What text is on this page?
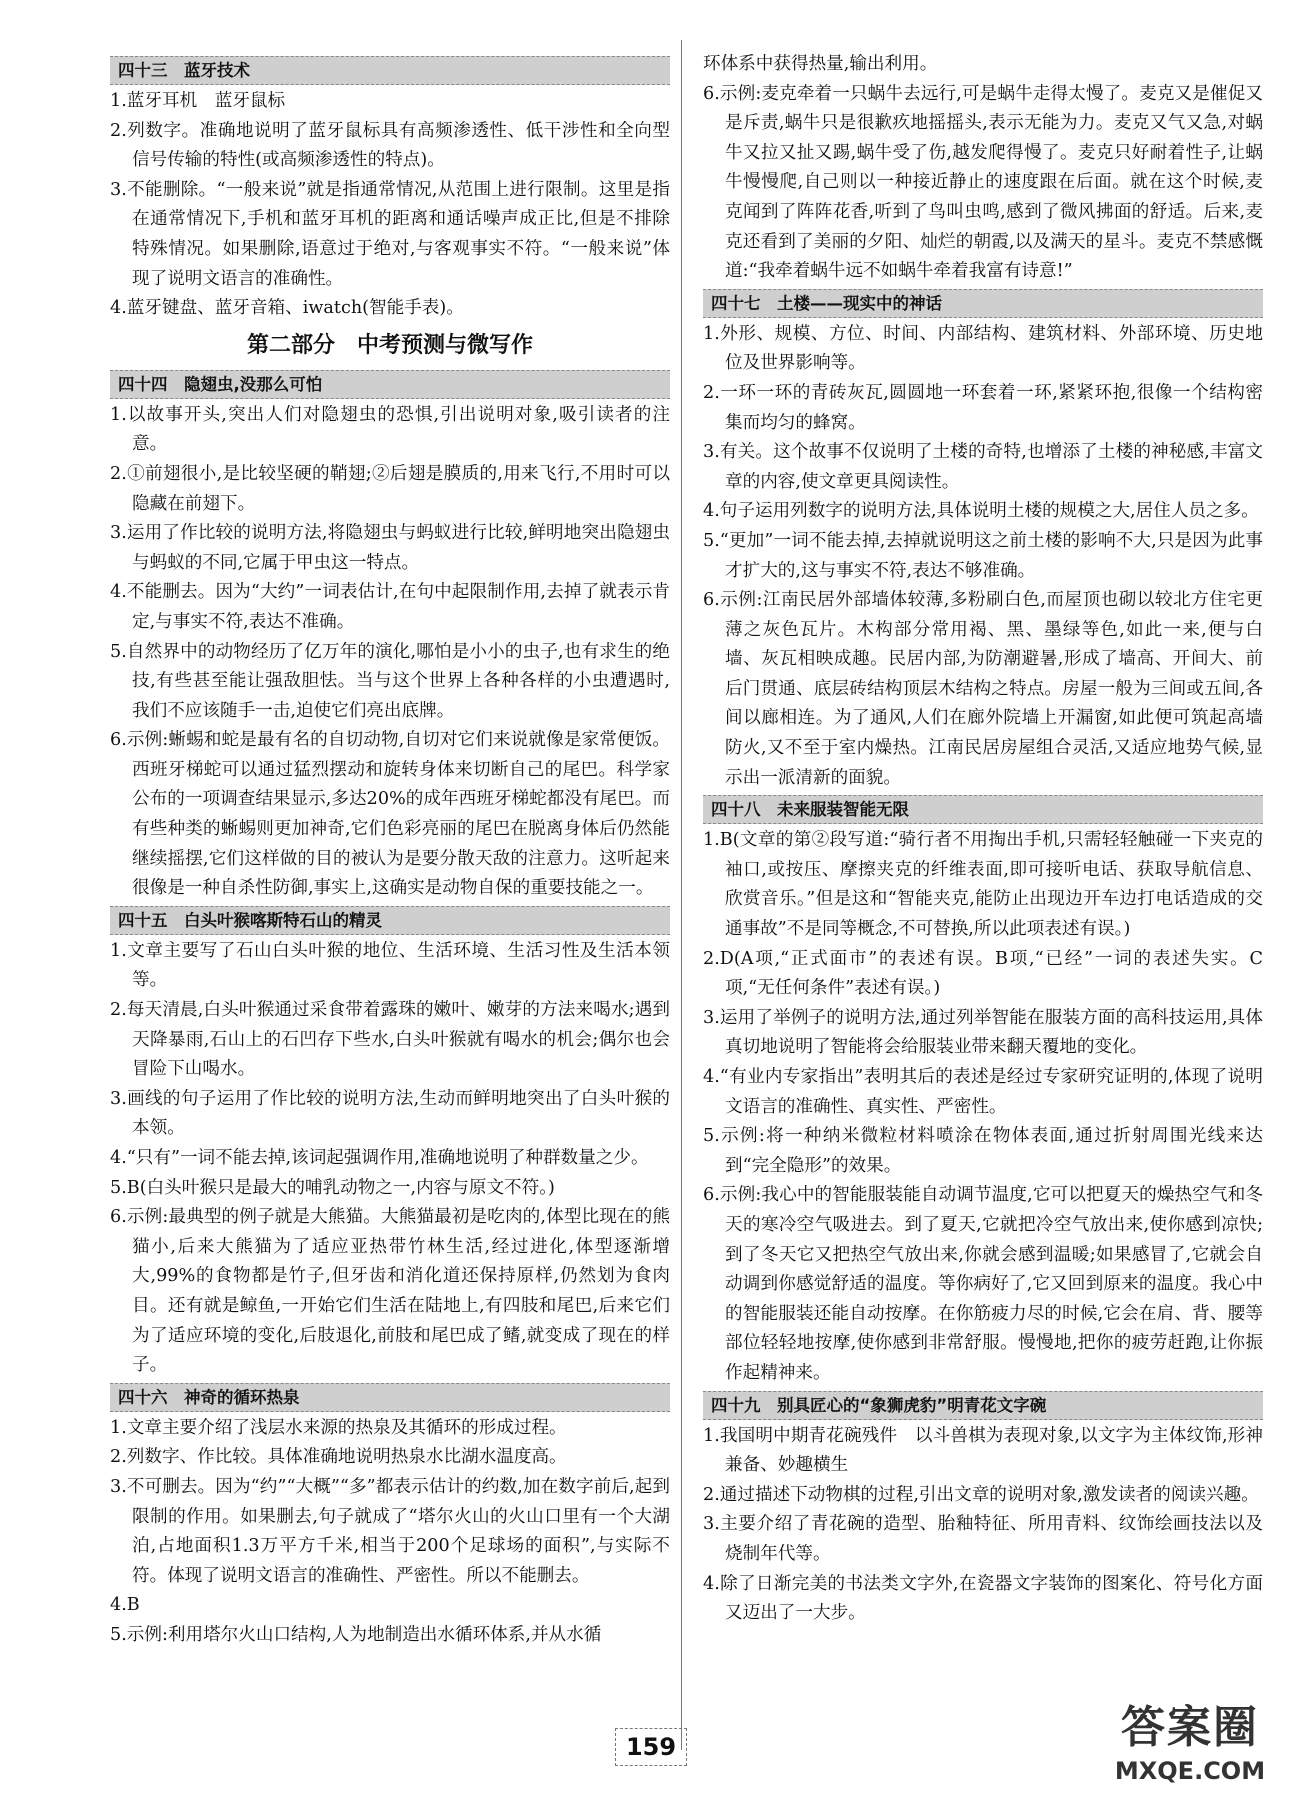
四十三　蓝牙技术

1.蓝牙耳机　蓝牙鼠标

2.列数字。准确地说明了蓝牙鼠标具有高频渗透性、低干涉性和全向型信号传输的特性(或高频渗透性的特点)。

3.不能删除。“一般来说”就是指通常情况,从范围上进行限制。这里是指在通常情况下,手机和蓝牙耳机的距离和通话噪声成正比,但是不排除特殊情况。如果删除,语意过于绝对,与客观事实不符。“一般来说”体现了说明文语言的准确性。

4.蓝牙键盘、蓝牙音箱、iwatch(智能手表)。

第二部分　中考预测与微写作
四十四　隐翅虫,没那么可怕

1.以故事开头,突出人们对隐翅虫的恐惧,引出说明对象,吸引读者的注意。

2.①前翅很小,是比较坚硬的鞘翅;②后翅是膜质的,用来飞行,不用时可以隐藏在前翅下。

3.运用了作比较的说明方法,将隐翅虫与蚂蚁进行比较,鲜明地突出隐翅虫与蚂蚁的不同,它属于甲虫这一特点。

4.不能删去。因为“大约”一词表估计,在句中起限制作用,去掉了就表示肯定,与事实不符,表达不准确。

5.自然界中的动物经历了亿万年的演化,哪怕是小小的虫子,也有求生的绝技,有些甚至能让强敌胆怯。当与这个世界上各种各样的小虫遭遇时,我们不应该随手一击,迫使它们亮出底牌。

6.示例:蜥蜴和蛇是最有名的自切动物,自切对它们来说就像是家常便饭。西班牙梯蛇可以通过猛烈摆动和旋转身体来切断自己的尾巴。科学家公布的一项调查结果显示,多达20%的成年西班牙梯蛇都没有尾巴。而有些种类的蜥蜴则更加神奇,它们色彩亮丽的尾巴在脱离身体后仍然能继续摇摆,它们这样做的目的被认为是要分散天敌的注意力。这听起来很像是一种自杀性防御,事实上,这确实是动物自保的重要技能之一。

四十五　白头叶猴喀斯特石山的精灵

1.文章主要写了石山白头叶猴的地位、生活环境、生活习性及生活本领等。

2.每天清晨,白头叶猴通过采食带着露珠的嫩叶、嫩芽的方法来喝水;遇到天降暴雨,石山上的石凹存下些水,白头叶猴就有喝水的机会;偶尔也会冒险下山喝水。

3.画线的句子运用了作比较的说明方法,生动而鲜明地突出了白头叶猴的本领。

4.“只有”一词不能去掉,该词起强调作用,准确地说明了种群数量之少。

5.B(白头叶猴只是最大的哺乳动物之一,内容与原文不符。)

6.示例:最典型的例子就是大熊猫。大熊猫最初是吃肉的,体型比现在的熊猫小,后来大熊猫为了适应亚热带竹林生活,经过进化,体型逐渐增大,99%的食物都是竹子,但牙齿和消化道还保持原样,仍然划为食肉目。还有就是鲸鱼,一开始它们生活在陆地上,有四肢和尾巴,后来它们为了适应环境的变化,后肢退化,前肢和尾巴成了鳍,就变成了现在的样子。

四十六　神奇的循环热泉

1.文章主要介绍了浅层水来源的热泉及其循环的形成过程。

2.列数字、作比较。具体准确地说明热泉水比湖水温度高。

3.不可删去。因为“约”“大概”“多”都表示估计的约数,加在数字前后,起到限制的作用。如果删去,句子就成了“塔尔火山的火山口里有一个大湖泊,占地面积1.3万平方千米,相当于200个足球场的面积”,与实际不符。体现了说明文语言的准确性、严密性。所以不能删去。

4.B

5.示例:利用塔尔火山口结构,人为地制造出水循环体系,并从水循

环体系中获得热量,输出利用。

6.示例:麦克牵着一只蜗牛去远行,可是蜗牛走得太慢了。麦克又是催促又是斥责,蜗牛只是很歉疚地摇摇头,表示无能为力。麦克又气又急,对蜗牛又拉又扯又踢,蜗牛受了伤,越发爬得慢了。麦克只好耐着性子,让蜗牛慢慢爬,自己则以一种接近静止的速度跟在后面。就在这个时候,麦克闻到了阵阵花香,听到了鸟叫虫鸣,感到了微风拂面的舒适。后来,麦克还看到了美丽的夕阳、灿烂的朝霞,以及满天的星斗。麦克不禁感慨道:“我牵着蜗牛远不如蜗牛牵着我富有诗意!”

四十七　土楼——现实中的神话

1.外形、规模、方位、时间、内部结构、建筑材料、外部环境、历史地位及世界影响等。

2.一环一环的青砖灰瓦,圆圆地一环套着一环,紧紧环抱,很像一个结构密集而均匀的蜂窝。

3.有关。这个故事不仅说明了土楼的奇特,也增添了土楼的神秘感,丰富文章的内容,使文章更具阅读性。

4.句子运用列数字的说明方法,具体说明土楼的规模之大,居住人员之多。

5.“更加”一词不能去掉,去掉就说明这之前土楼的影响不大,只是因为此事才扩大的,这与事实不符,表达不够准确。

6.示例:江南民居外部墙体较薄,多粉刷白色,而屋顶也砌以较北方住宅更薄之灰色瓦片。木构部分常用褐、黑、墨绿等色,如此一来,便与白墙、灰瓦相映成趣。民居内部,为防潮避暑,形成了墙高、开间大、前后门贯通、底层砖结构顶层木结构之特点。房屋一般为三间或五间,各间以廊相连。为了通风,人们在廊外院墙上开漏窗,如此便可筑起高墙防火,又不至于室内燥热。江南民居房屋组合灵活,又适应地势气候,显示出一派清新的面貌。

四十八　未来服装智能无限

1.B(文章的第②段写道:“骑行者不用掏出手机,只需轻轻触碰一下夹克的袖口,或按压、摩擦夹克的纤维表面,即可接听电话、获取导航信息、欣赏音乐。”但是这和“智能夹克,能防止出现边开车边打电话造成的交通事故”不是同等概念,不可替换,所以此项表述有误。)

2.D(A项,“正式面市”的表述有误。B项,“已经”一词的表述失实。C项,“无任何条件”表述有误。)

3.运用了举例子的说明方法,通过列举智能在服装方面的高科技运用,具体真切地说明了智能将会给服装业带来翻天覆地的变化。

4.“有业内专家指出”表明其后的表述是经过专家研究证明的,体现了说明文语言的准确性、真实性、严密性。

5.示例:将一种纳米微粒材料喷涂在物体表面,通过折射周围光线来达到“完全隐形”的效果。

6.示例:我心中的智能服装能自动调节温度,它可以把夏天的燥热空气和冬天的寒冷空气吸进去。到了夏天,它就把冷空气放出来,使你感到凉快;到了冬天它又把热空气放出来,你就会感到温暖;如果感冒了,它就会自动调到你感觉舒适的温度。等你病好了,它又回到原来的温度。我心中的智能服装还能自动按摩。在你筋疲力尽的时候,它会在肩、背、腰等部位轻轻地按摩,使你感到非常舒服。慢慢地,把你的疲劳赶跑,让你振作起精神来。

四十九　别具匠心的“象狮虎豹”明青花文字碗

1.我国明中期青花碗残件　以斗兽棋为表现对象,以文字为主体纹饰,形神兼备、妙趣横生

2.通过描述下动物棋的过程,引出文章的说明对象,激发读者的阅读兴趣。

3.主要介绍了青花碗的造型、胎釉特征、所用青料、纹饰绘画技法以及烧制年代等。

4.除了日渐完美的书法类文字外,在瓷器文字装饰的图案化、符号化方面又迈出了一大步。

159	答案圈
MXQE.COM
